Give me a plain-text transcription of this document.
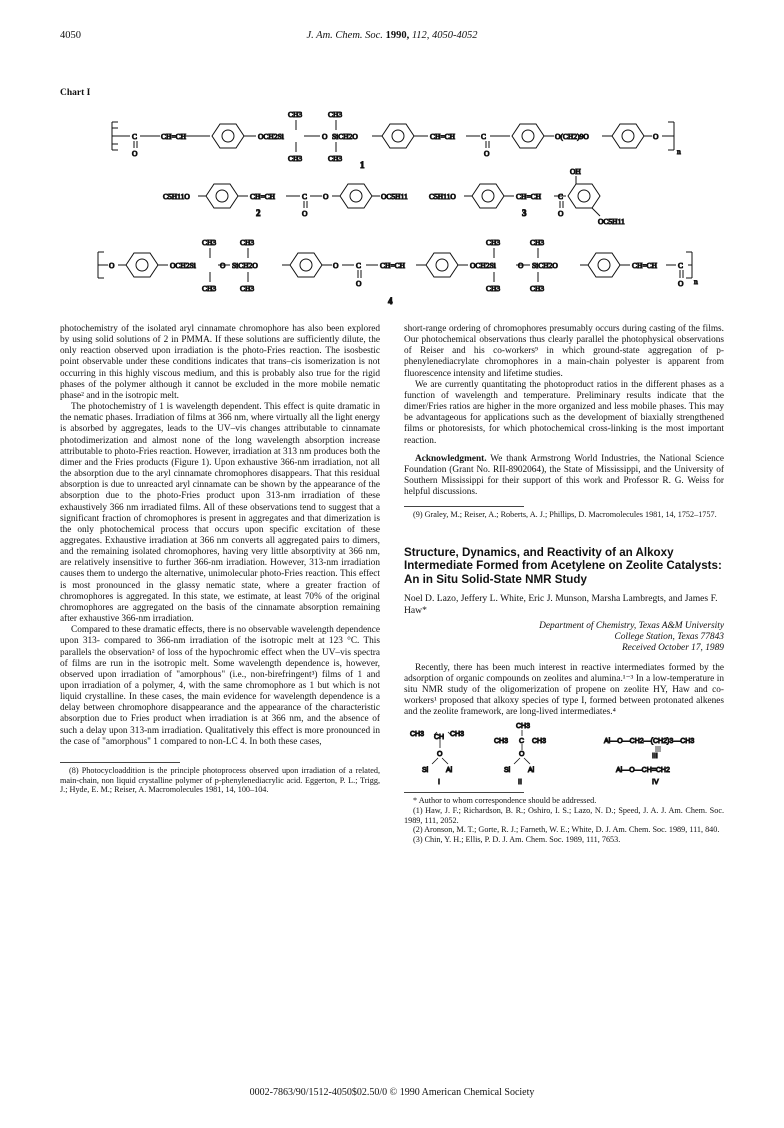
4050	J. Am. Chem. Soc. 1990, 112, 4050-4052
Chart I
C
O
CH=CH	OCH2Si
CH3
CH3
O SiCH2O
CH3
CH3
CH=CH	C
O
O(CH2)9O	O
1
n
C5H11O	CH=CH	C
O
O	OC5H11
2
C5H11O	CH=CH C
O
OH
OC5H11
3
O	OCH2Si
CH3
CH3
O SiCH2O
CH3
CH3
O C
O
CH=CH	OCH2Si
CH3
CH3
O SiCH2O
CH3
CH3
CH=CH	C
O n
4

photochemistry of the isolated aryl cinnamate chromophore has also been explored by using solid solutions of 2 in PMMA. If these solutions are sufficiently dilute, the only reaction observed upon irradiation is the photo-Fries reaction. The isosbestic point observable under these conditions indicates that trans–cis isomerization is not occurring in this highly viscous medium, and this is probably also true for the rigid phases of the polymer although it cannot be excluded in the more mobile nematic phase² and in the isotropic melt.

The photochemistry of 1 is wavelength dependent. This effect is quite dramatic in the nematic phases. Irradiation of films at 366 nm, where virtually all the light energy is absorbed by aggregates, leads to the UV–vis changes attributable to cinnamate photodimerization and almost none of the long wavelength absorption increase attributable to photo-Fries reaction. However, irradiation at 313 nm produces both the dimer and the Fries products (Figure 1). Upon exhaustive 366-nm irradiation, not all the absorption due to the aryl cinnamate chromophores disappears. That this residual absorption is due to unreacted aryl cinnamate can be shown by the appearance of the absorption due to the photo-Fries product upon 313-nm irradiation of these exhaustively 366 nm irradiated films. All of these observations tend to suggest that a significant fraction of chromophores is present in aggregates and that dimerization is the only photochemical process that occurs upon specific excitation of these aggregates. Exhaustive irradiation at 366 nm converts all aggregated pairs to dimers, and the remaining isolated chromophores, having very little absorptivity at 366 nm, are relatively insensitive to further 366-nm irradiation. However, 313-nm irradiation causes them to undergo the alternative, unimolecular photo-Fries reaction. This effect is most pronounced in the glassy nematic state, where a greater fraction of chromophores is aggregated. In this state, we estimate, at least 70% of the original chromophores are aggregated on the basis of the cinnamate absorption remaining after exhaustive 366-nm irradiation.

Compared to these dramatic effects, there is no observable wavelength dependence upon 313- compared to 366-nm irradiation of the isotropic melt at 123 °C. This parallels the observation² of loss of the hypochromic effect when the UV–vis spectra of films are run in the isotropic melt. Some wavelength dependence is, however, observed upon irradiation of "amorphous" (i.e., non-birefringent³) films of 1 and upon irradiation of a polymer, 4, with the same chromophore as 1 but which is not liquid crystalline. In these cases, the main evidence for wavelength dependence is a delay between chromophore disappearance and the appearance of the characteristic absorption due to Fries product when irradiation is at 366 nm, and the absence of such a delay upon 313-nm irradiation. Qualitatively this effect is more pronounced in the case of "amorphous" 1 compared to non-LC 4. In both these cases,

(8) Photocycloaddition is the principle photoprocess observed upon irradiation of a related, main-chain, non liquid crystalline polymer of p-phenylenediacrylic acid. Eggerton, P. L.; Trigg, J.; Hyde, E. M.; Reiser, A. Macromolecules 1981, 14, 100–104.

short-range ordering of chromophores presumably occurs during casting of the films. Our photochemical observations thus clearly parallel the photophysical observations of Reiser and his co-workers⁹ in which ground-state aggregation of p-phenylenediacrylate chromophores in a main-chain polyester is apparent from fluorescence intensity and lifetime studies.

We are currently quantitating the photoproduct ratios in the different phases as a function of wavelength and temperature. Preliminary results indicate that the dimer/Fries ratios are higher in the more organized and less mobile phases. This may be advantageous for applications such as the development of biaxially strengthened films or photoresists, for which photochemical cross-linking is the most important reaction.

Acknowledgment. We thank Armstrong World Industries, the National Science Foundation (Grant No. RII-8902064), the State of Mississippi, and the University of Southern Mississippi for their support of this work and Professor R. G. Weiss for helpful discussions.

(9) Graley, M.; Reiser, A.; Roberts, A. J.; Phillips, D. Macromolecules 1981, 14, 1752–1757.

Structure, Dynamics, and Reactivity of an Alkoxy Intermediate Formed from Acetylene on Zeolite Catalysts: An in Situ Solid-State NMR Study
Noel D. Lazo, Jeffery L. White, Eric J. Munson, Marsha Lambregts, and James F. Haw*
Department of Chemistry, Texas A&M University
College Station, Texas 77843
Received October 17, 1989

Recently, there has been much interest in reactive intermediates formed by the adsorption of organic compounds on zeolites and alumina.¹⁻³ In a low-temperature in situ NMR study of the oligomerization of propene on zeolite HY, Haw and co-workers¹ proposed that alkoxy species of type I, formed between protonated alkenes and the zeolite framework, are long-lived intermediates.⁴

CH3 CH CH3
O
Si	Al
I
CH3
CH3 C CH3
O
Si	Al
II
Al—O—CH2—(CH2)3—CH3
III
Al—O—CH=CH2
IV

* Author to whom correspondence should be addressed.

(1) Haw, J. F.; Richardson, B. R.; Oshiro, I. S.; Lazo, N. D.; Speed, J. A. J. Am. Chem. Soc. 1989, 111, 2052.

(2) Aronson, M. T.; Gorte, R. J.; Farneth, W. E.; White, D. J. Am. Chem. Soc. 1989, 111, 840.

(3) Chin, Y. H.; Ellis, P. D. J. Am. Chem. Soc. 1989, 111, 7653.

0002-7863/90/1512-4050$02.50/0 © 1990 American Chemical Society
